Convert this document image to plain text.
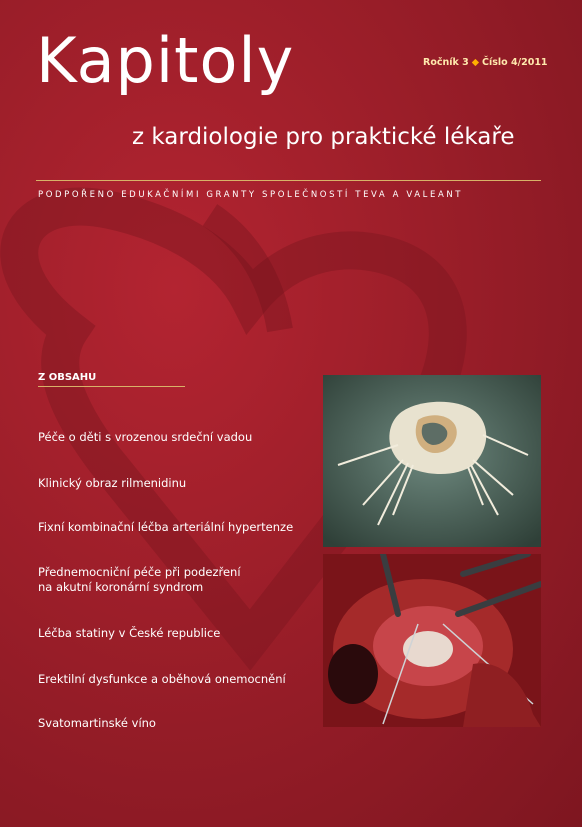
Kapitoly
z kardiologie pro praktické lékaře
Ročník 3 ◆ Číslo 4/2011
PODPOŘENO EDUKAČNÍMI GRANTY SPOLEČNOSTÍ TEVA A VALEANT
Z OBSAHU

Péče o děti s vrozenou srdeční vadou

Klinický obraz rilmenidinu

Fixní kombinační léčba arteriální hypertenze

Přednemocniční péče při podezření
na akutní koronární syndrom

Léčba statiny v České republice

Erektilní dysfunkce a oběhová onemocnění

Svatomartinské víno
